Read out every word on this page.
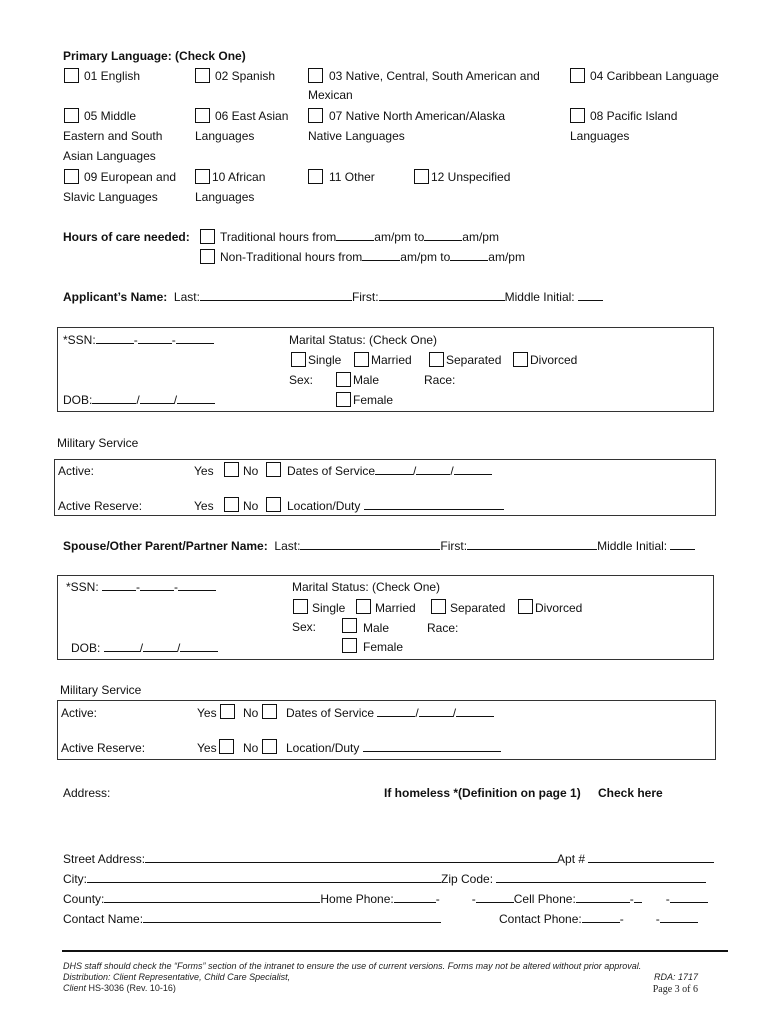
Primary Language: (Check One)
01 English	02 Spanish	03 Native, Central, South American and
Mexican
04 Caribbean Language
05 Middle
Eastern and South
Asian Languages
06 East Asian
Languages
07 Native North American/Alaska
Native Languages
08 Pacific Island
Languages
09 European and
Slavic Languages
10 African
Languages
11 Other	12 Unspecified
Hours of care needed:	Traditional hours from	am/pm to	am/pm
Non-Traditional hours from	am/pm to	am/pm
Applicant’s Name: Last:	First:	Middle Initial:
*SSN:	-	-
DOB:	/	/
Marital Status: (Check One)
Single Married	Separated Divorced
Sex:	Male	Race:
Female
Military Service
Active:	Yes No Dates of Service	/	/
Active Reserve:	Yes No Location/Duty
Spouse/Other Parent/Partner Name: Last:	First:	Middle Initial:
*SSN:	-	-
DOB:	/	/
Marital Status: (Check One)
Single Married	Separated Divorced
Sex:	Male	Race:
Female
Military Service
Active:	Yes No Dates of Service	/	/
Active Reserve:	Yes No Location/Duty
Address:	If homeless *(Definition on page 1) Check here
Street Address:	Apt #
City:	Zip Code:
County:	Home Phone:	-	-	Cell Phone:	-	-
Contact Name:	Contact Phone:	-	-
DHS staff should check the “Forms” section of the intranet to ensure the use of current versions. Forms may not be altered without prior approval.
Distribution: Client Representative, Child Care Specialist,
Client HS-3036 (Rev. 10-16)
RDA: 1717
Page 3 of 6
